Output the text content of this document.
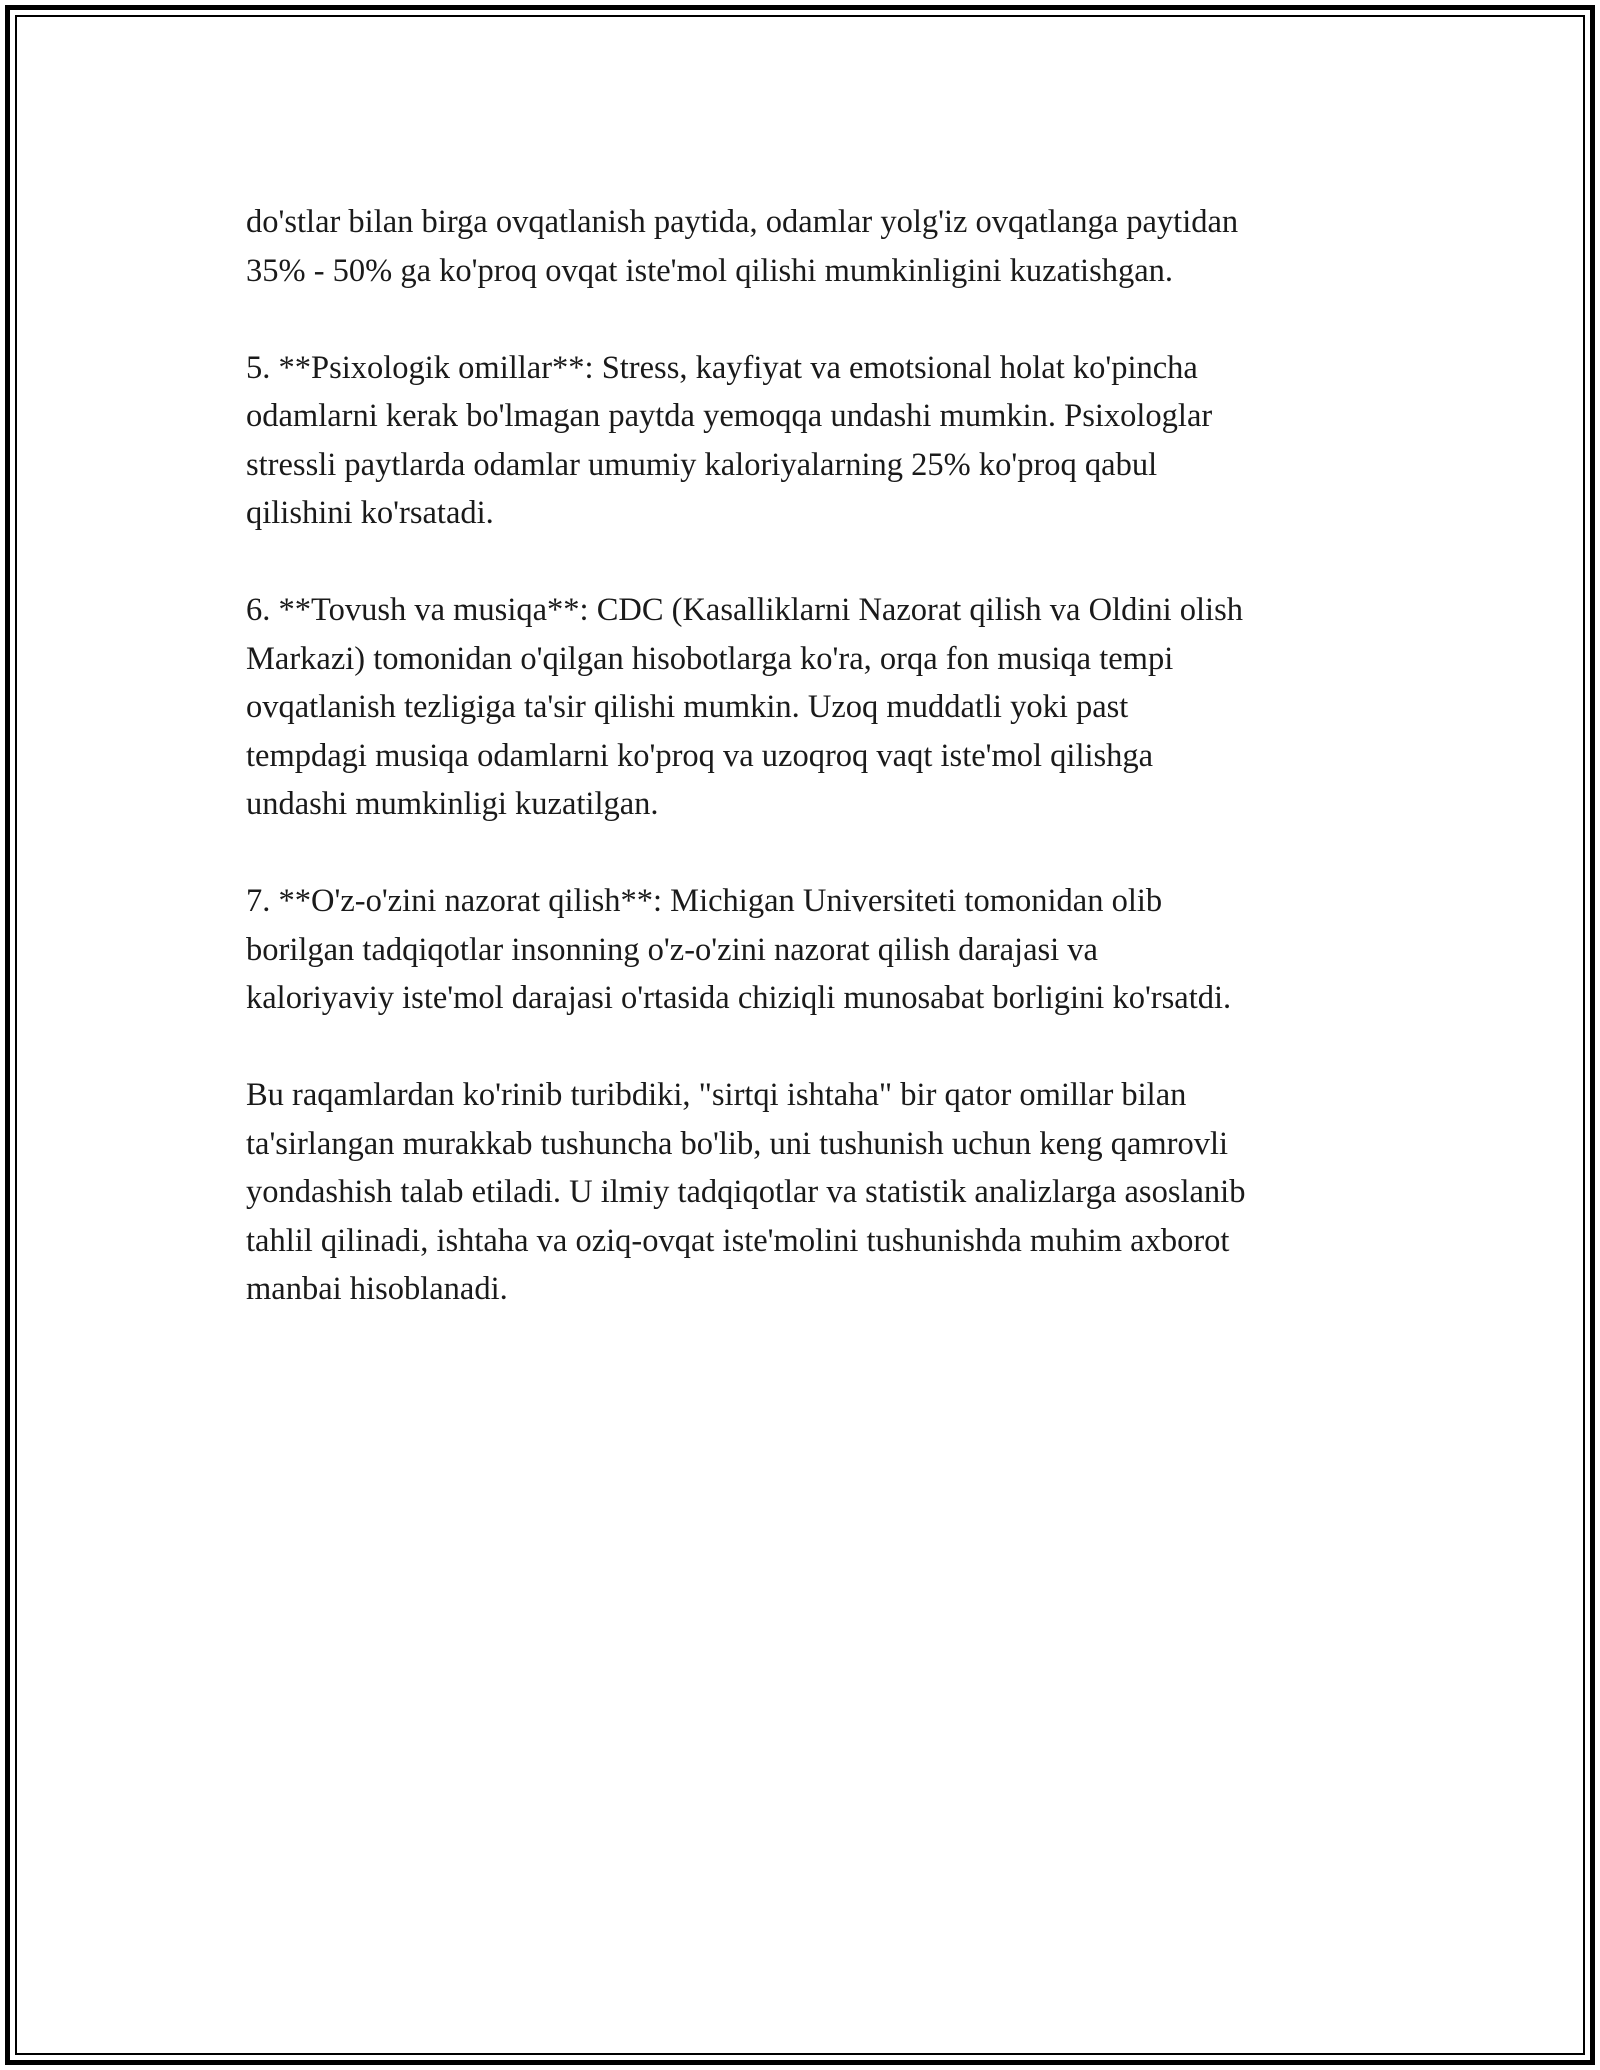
do'stlar bilan birga ovqatlanish paytida, odamlar yolg'iz ovqatlanga paytidan
35% - 50% ga ko'proq ovqat iste'mol qilishi mumkinligini kuzatishgan.

5. **Psixologik omillar**: Stress, kayfiyat va emotsional holat ko'pincha
odamlarni kerak bo'lmagan paytda yemoqqa undashi mumkin. Psixologlar
stressli paytlarda odamlar umumiy kaloriyalarning 25% ko'proq qabul
qilishini ko'rsatadi.

6. **Tovush va musiqa**: CDC (Kasalliklarni Nazorat qilish va Oldini olish
Markazi) tomonidan o'qilgan hisobotlarga ko'ra, orqa fon musiqa tempi
ovqatlanish tezligiga ta'sir qilishi mumkin. Uzoq muddatli yoki past
tempdagi musiqa odamlarni ko'proq va uzoqroq vaqt iste'mol qilishga
undashi mumkinligi kuzatilgan.

7. **O'z-o'zini nazorat qilish**: Michigan Universiteti tomonidan olib
borilgan tadqiqotlar insonning o'z-o'zini nazorat qilish darajasi va
kaloriyaviy iste'mol darajasi o'rtasida chiziqli munosabat borligini ko'rsatdi.

Bu raqamlardan ko'rinib turibdiki, "sirtqi ishtaha" bir qator omillar bilan
ta'sirlangan murakkab tushuncha bo'lib, uni tushunish uchun keng qamrovli
yondashish talab etiladi. U ilmiy tadqiqotlar va statistik analizlarga asoslanib
tahlil qilinadi, ishtaha va oziq-ovqat iste'molini tushunishda muhim axborot
manbai hisoblanadi.
